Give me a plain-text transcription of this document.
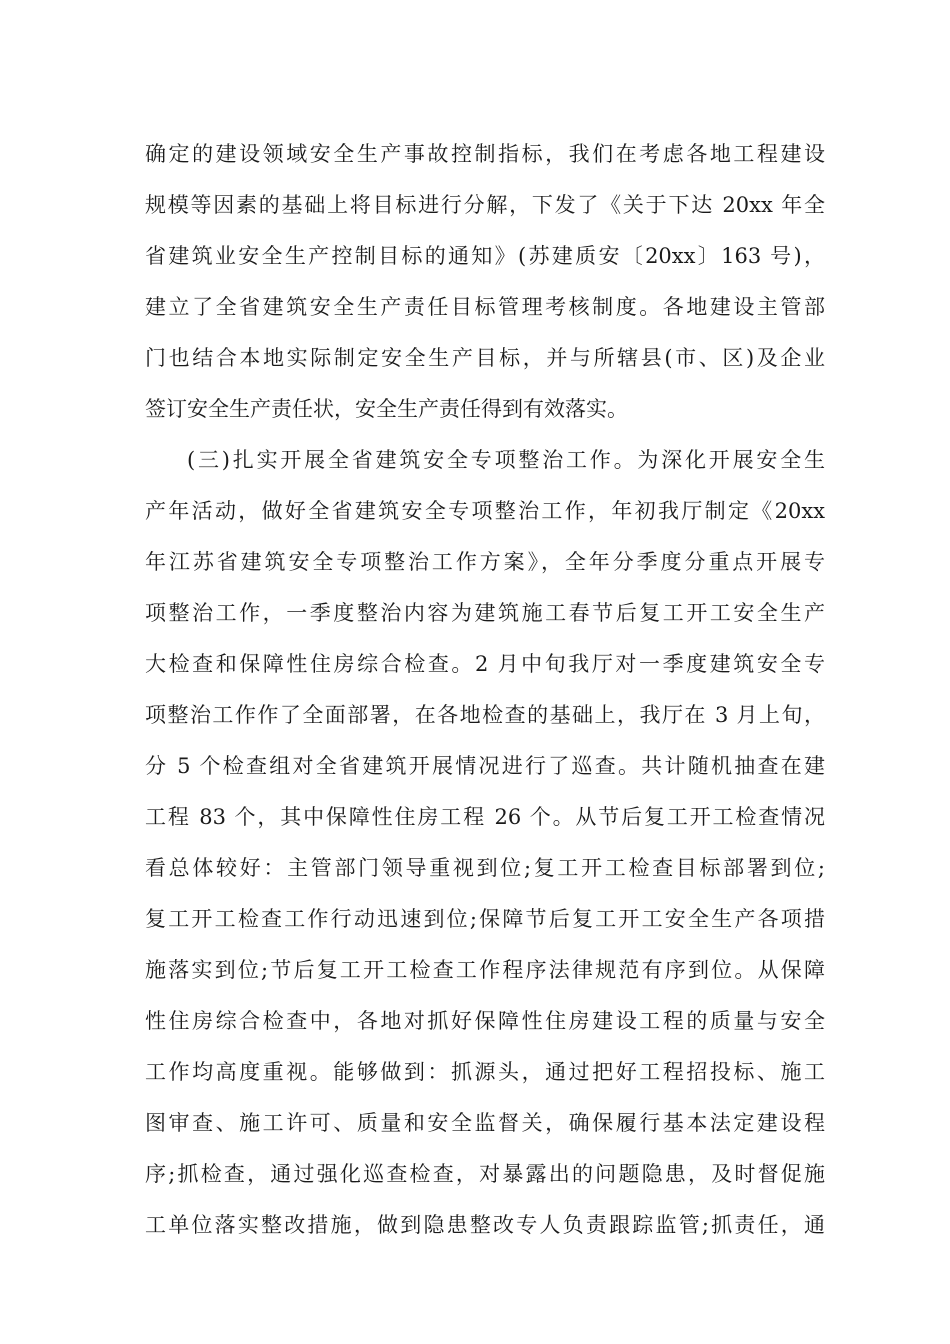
确定的建设领域安全生产事故控制指标，我们在考虑各地工程建设
规模等因素的基础上将目标进行分解，下发了《关于下达 20xx 年全
省建筑业安全生产控制目标的通知》(苏建质安〔20xx〕163 号)，
建立了全省建筑安全生产责任目标管理考核制度。各地建设主管部
门也结合本地实际制定安全生产目标，并与所辖县(市、区)及企业
签订安全生产责任状，安全生产责任得到有效落实。
(三)扎实开展全省建筑安全专项整治工作。为深化开展安全生
产年活动，做好全省建筑安全专项整治工作，年初我厅制定《20xx
年江苏省建筑安全专项整治工作方案》，全年分季度分重点开展专
项整治工作，一季度整治内容为建筑施工春节后复工开工安全生产
大检查和保障性住房综合检查。2 月中旬我厅对一季度建筑安全专
项整治工作作了全面部署，在各地检查的基础上，我厅在 3 月上旬，
分 5 个检查组对全省建筑开展情况进行了巡查。共计随机抽查在建
工程 83 个，其中保障性住房工程 26 个。从节后复工开工检查情况
看总体较好：主管部门领导重视到位;复工开工检查目标部署到位;
复工开工检查工作行动迅速到位;保障节后复工开工安全生产各项措
施落实到位;节后复工开工检查工作程序法律规范有序到位。从保障
性住房综合检查中，各地对抓好保障性住房建设工程的质量与安全
工作均高度重视。能够做到：抓源头，通过把好工程招投标、施工
图审查、施工许可、质量和安全监督关，确保履行基本法定建设程
序;抓检查，通过强化巡查检查，对暴露出的问题隐患，及时督促施
工单位落实整改措施，做到隐患整改专人负责跟踪监管;抓责任，通
